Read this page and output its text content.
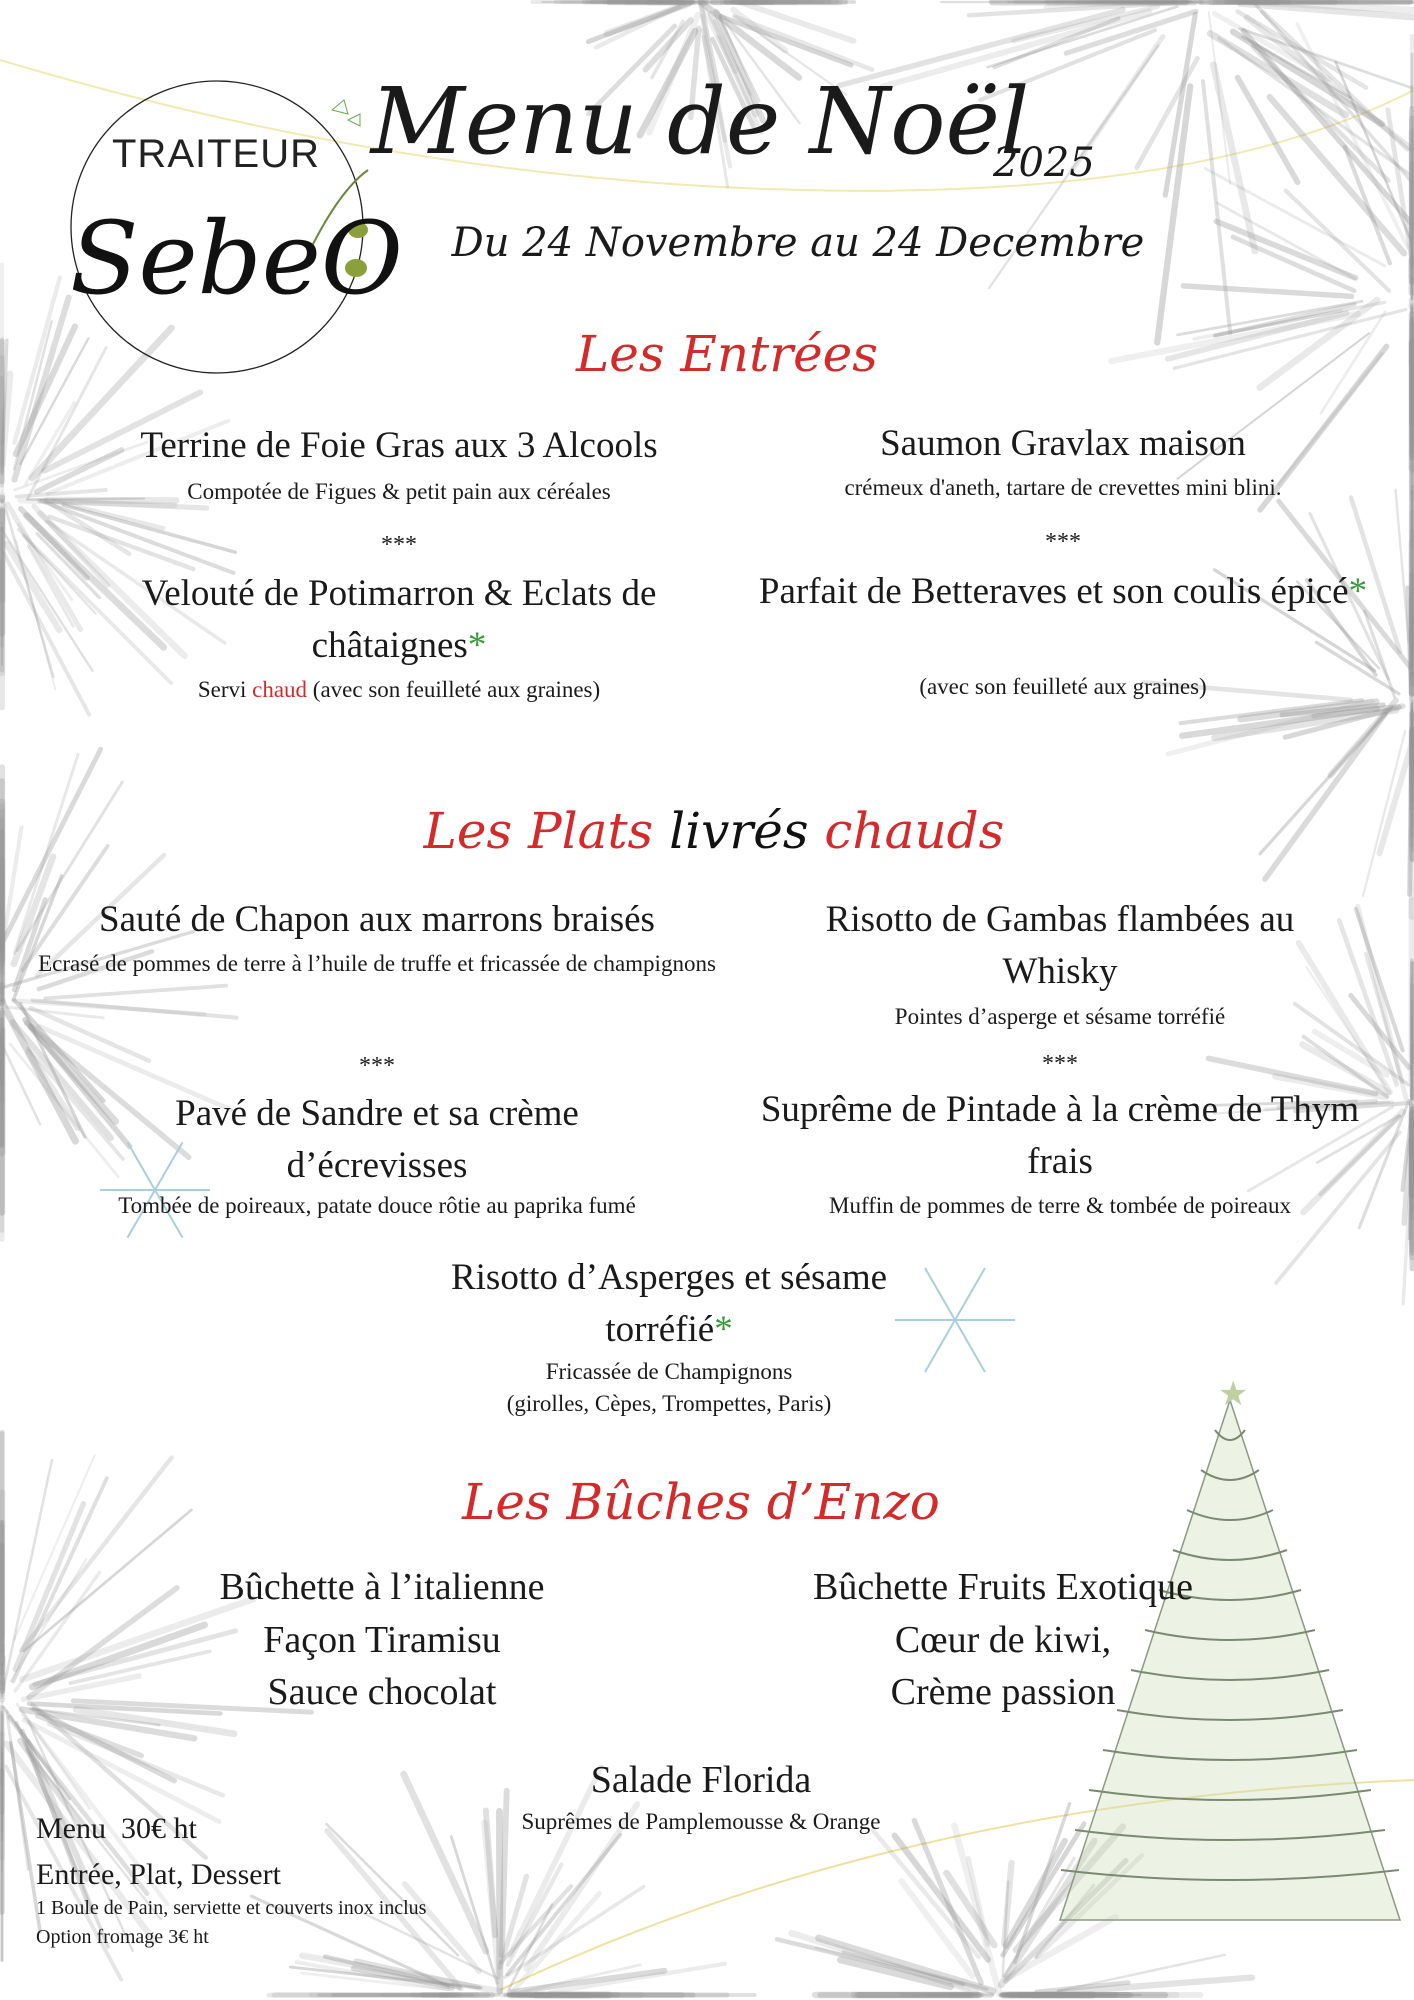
★
TRAITEUR
SebeO
Menu de Noël
2025
Du 24 Novembre au 24 Decembre
Les Entrées
Terrine de Foie Gras aux 3 Alcools
Compotée de Figues & petit pain aux céréales
***
Velouté de Potimarron & Eclats de châtaignes*
Servi chaud (avec son feuilleté aux graines)
Saumon Gravlax maison
crémeux d'aneth, tartare de crevettes mini blini.
***
Parfait de Betteraves et son coulis épicé*
(avec son feuilleté aux graines)
Les Plats livrés chauds
Sauté de Chapon aux marrons braisés
Ecrasé de pommes de terre à l’huile de truffe et fricassée de champignons
***
Pavé de Sandre et sa crème d’écrevisses
Tombée de poireaux, patate douce rôtie au paprika fumé
Risotto de Gambas flambées au Whisky
Pointes d’asperge et sésame torréfié
***
Suprême de Pintade à la crème de Thym frais
Muffin de pommes de terre & tombée de poireaux
Risotto d’Asperges et sésame torréfié*
Fricassée de Champignons
(girolles, Cèpes, Trompettes, Paris)
Les Bûches d’Enzo
Bûchette à l’italienne
Façon Tiramisu
Sauce chocolat
Bûchette Fruits Exotique
Cœur de kiwi,
Crème passion
Salade Florida
Suprêmes de Pamplemousse & Orange
Menu  30€ ht
Entrée, Plat, Dessert
1 Boule de Pain, serviette et couverts inox inclus
Option fromage 3€ ht
